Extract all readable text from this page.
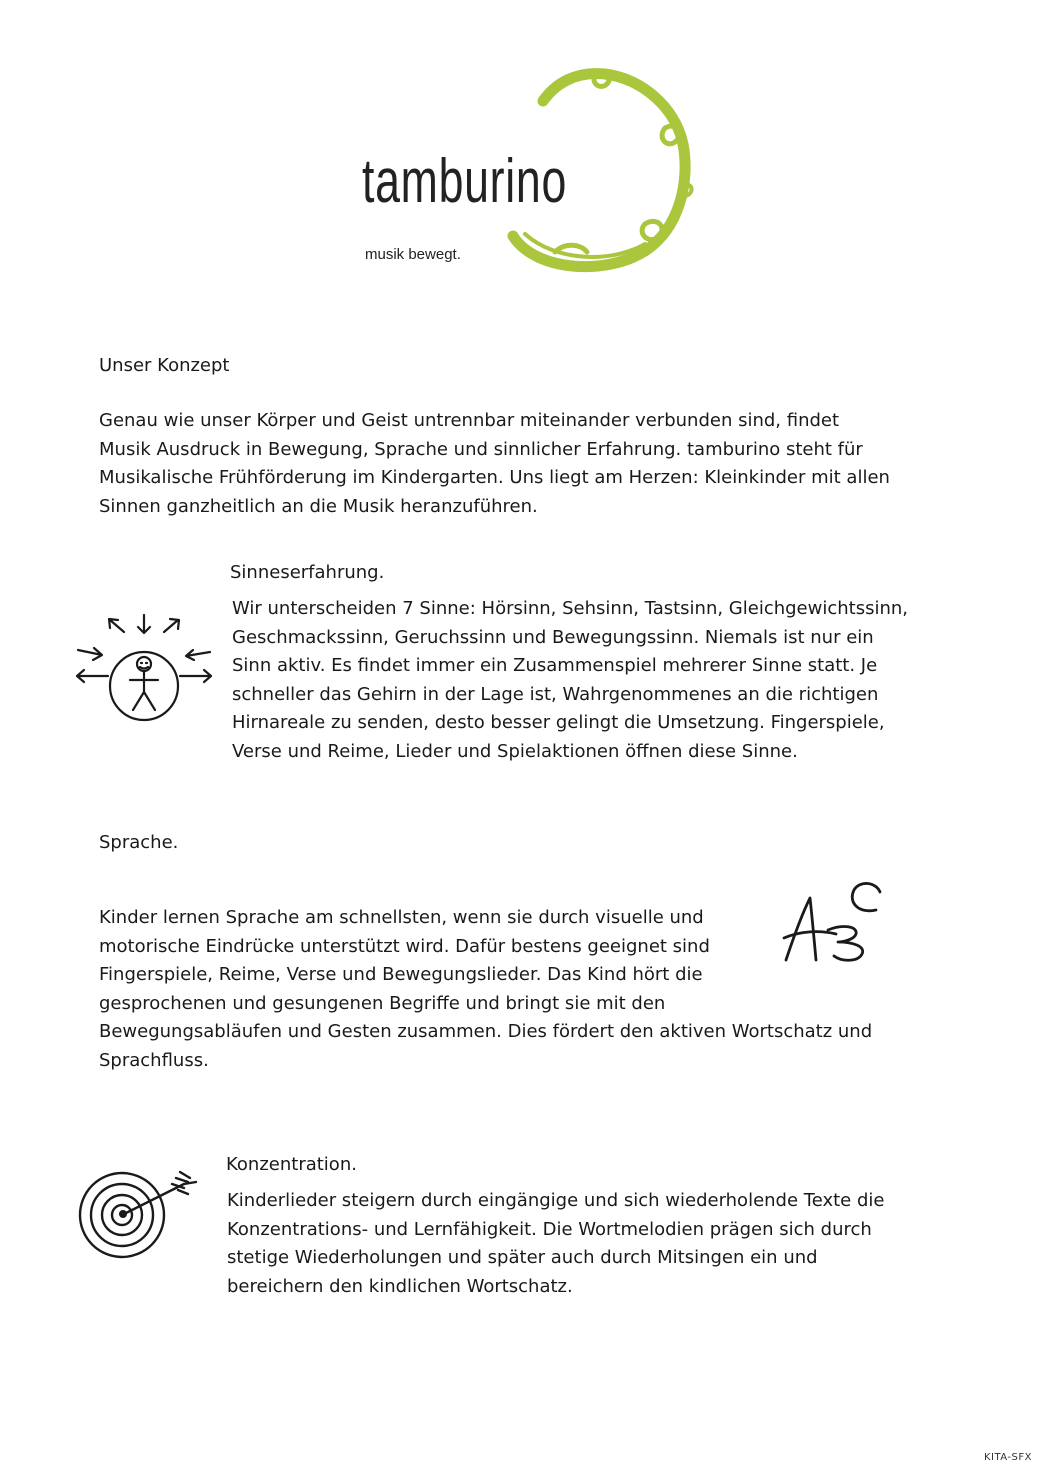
tamburino
musik bewegt.
Unser Konzept

Genau wie unser Körper und Geist untrennbar miteinander verbunden sind, findet
Musik Ausdruck in Bewegung, Sprache und sinnlicher Erfahrung. tamburino steht für
Musikalische Frühförderung im Kindergarten. Uns liegt am Herzen: Kleinkinder mit allen
Sinnen ganzheitlich an die Musik heranzuführen.

Sinneserfahrung.

Wir unterscheiden 7 Sinne: Hörsinn, Sehsinn, Tastsinn, Gleichgewichtssinn,
Geschmackssinn, Geruchssinn und Bewegungssinn. Niemals ist nur ein
Sinn aktiv. Es findet immer ein Zusammenspiel mehrerer Sinne statt. Je
schneller das Gehirn in der Lage ist, Wahrgenommenes an die richtigen
Hirnareale zu senden, desto besser gelingt die Umsetzung. Fingerspiele,
Verse und Reime, Lieder und Spielaktionen öffnen diese Sinne.

Sprache.

Kinder lernen Sprache am schnellsten, wenn sie durch visuelle und
motorische Eindrücke unterstützt wird. Dafür bestens geeignet sind
Fingerspiele, Reime, Verse und Bewegungslieder. Das Kind hört die
gesprochenen und gesungenen Begriffe und bringt sie mit den
Bewegungsabläufen und Gesten zusammen. Dies fördert den aktiven Wortschatz und
Sprachfluss.

Konzentration.

Kinderlieder steigern durch eingängige und sich wiederholende Texte die
Konzentrations- und Lernfähigkeit. Die Wortmelodien prägen sich durch
stetige Wiederholungen und später auch durch Mitsingen ein und
bereichern den kindlichen Wortschatz.

KITA-SFX
